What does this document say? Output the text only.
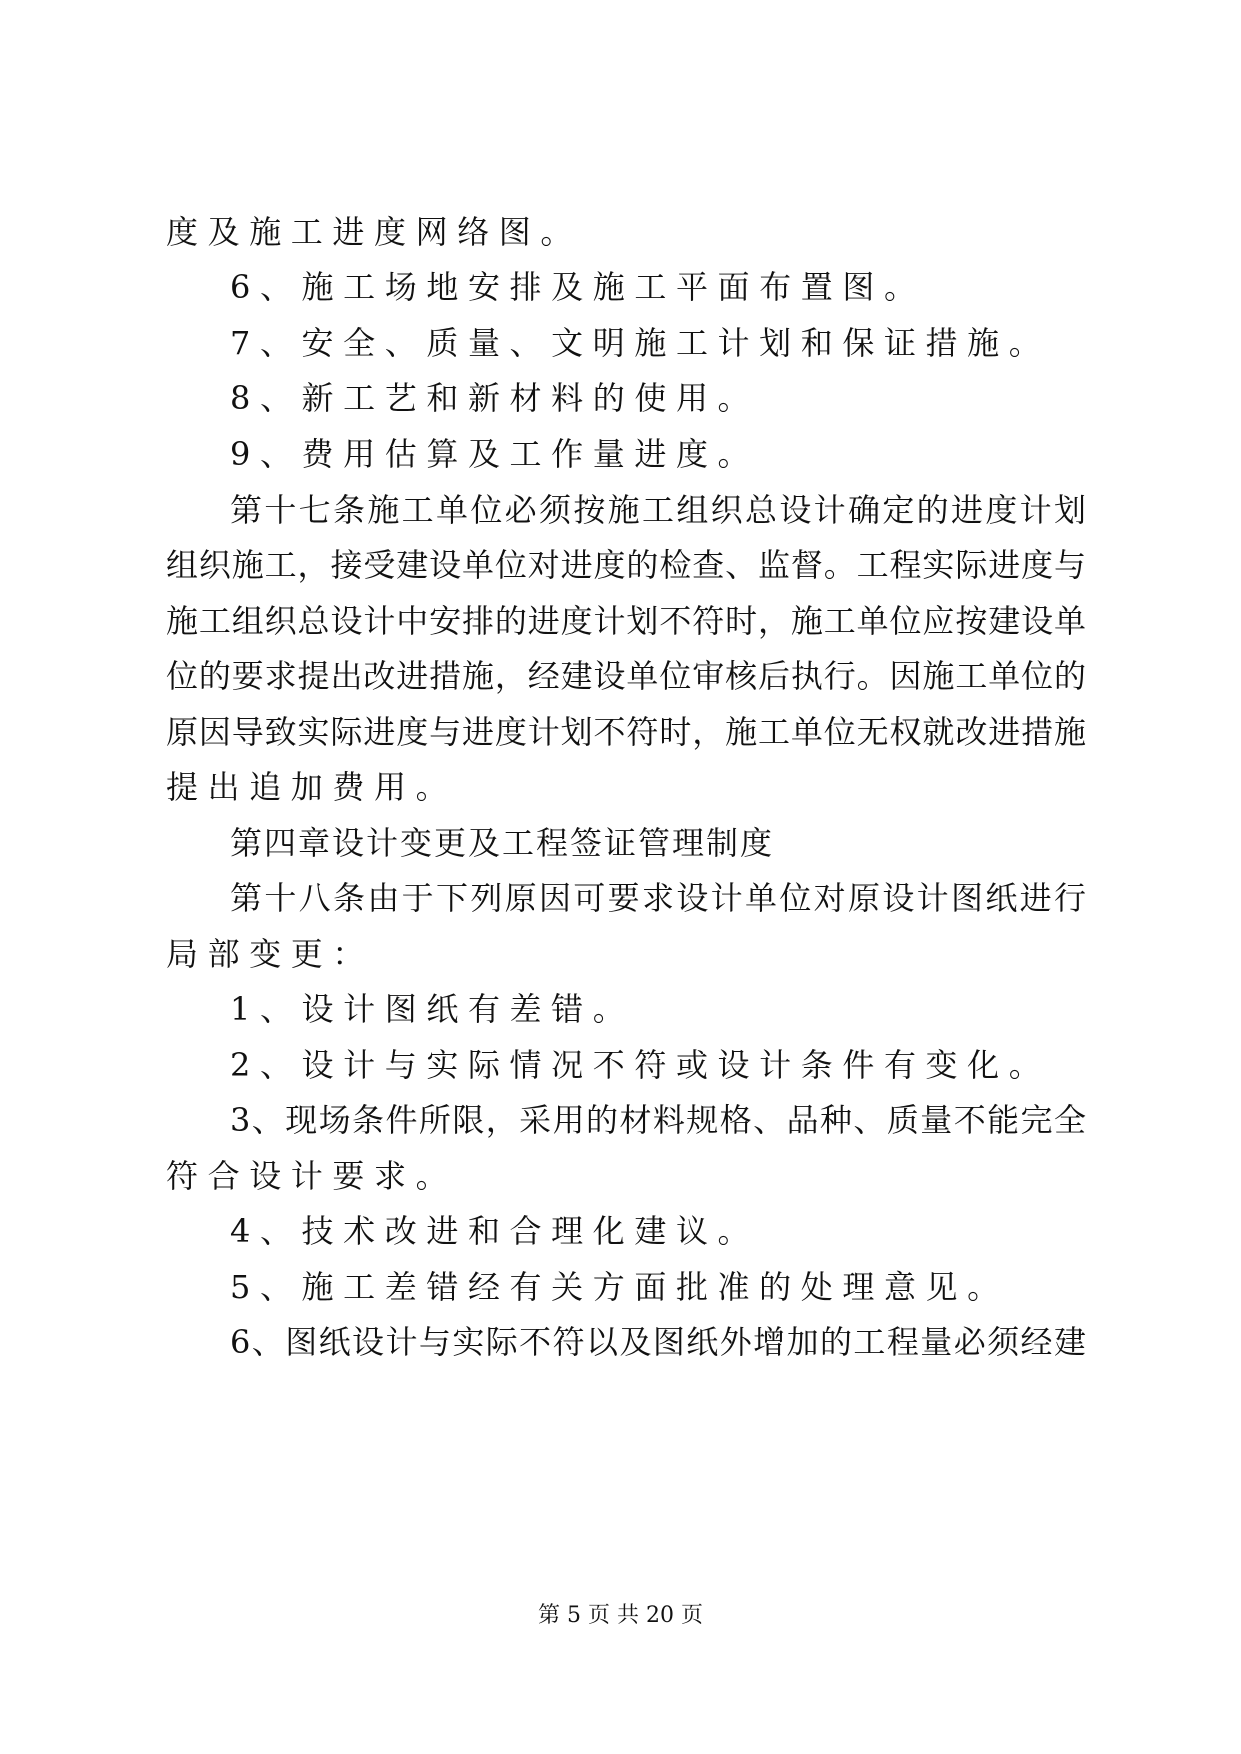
度及施工进度网络图。
6、施工场地安排及施工平面布置图。
7、安全、质量、文明施工计划和保证措施。
8、新工艺和新材料的使用。
9、费用估算及工作量进度。
第十七条施工单位必须按施工组织总设计确定的进度计划
组织施工，接受建设单位对进度的检查、监督。工程实际进度与
施工组织总设计中安排的进度计划不符时，施工单位应按建设单
位的要求提出改进措施，经建设单位审核后执行。因施工单位的
原因导致实际进度与进度计划不符时，施工单位无权就改进措施
提出追加费用。
第四章设计变更及工程签证管理制度
第十八条由于下列原因可要求设计单位对原设计图纸进行
局部变更：
1、设计图纸有差错。
2、设计与实际情况不符或设计条件有变化。
3、现场条件所限，采用的材料规格、品种、质量不能完全
符合设计要求。
4、技术改进和合理化建议。
5、施工差错经有关方面批准的处理意见。
6、图纸设计与实际不符以及图纸外增加的工程量必须经建
第 5 页 共 20 页
